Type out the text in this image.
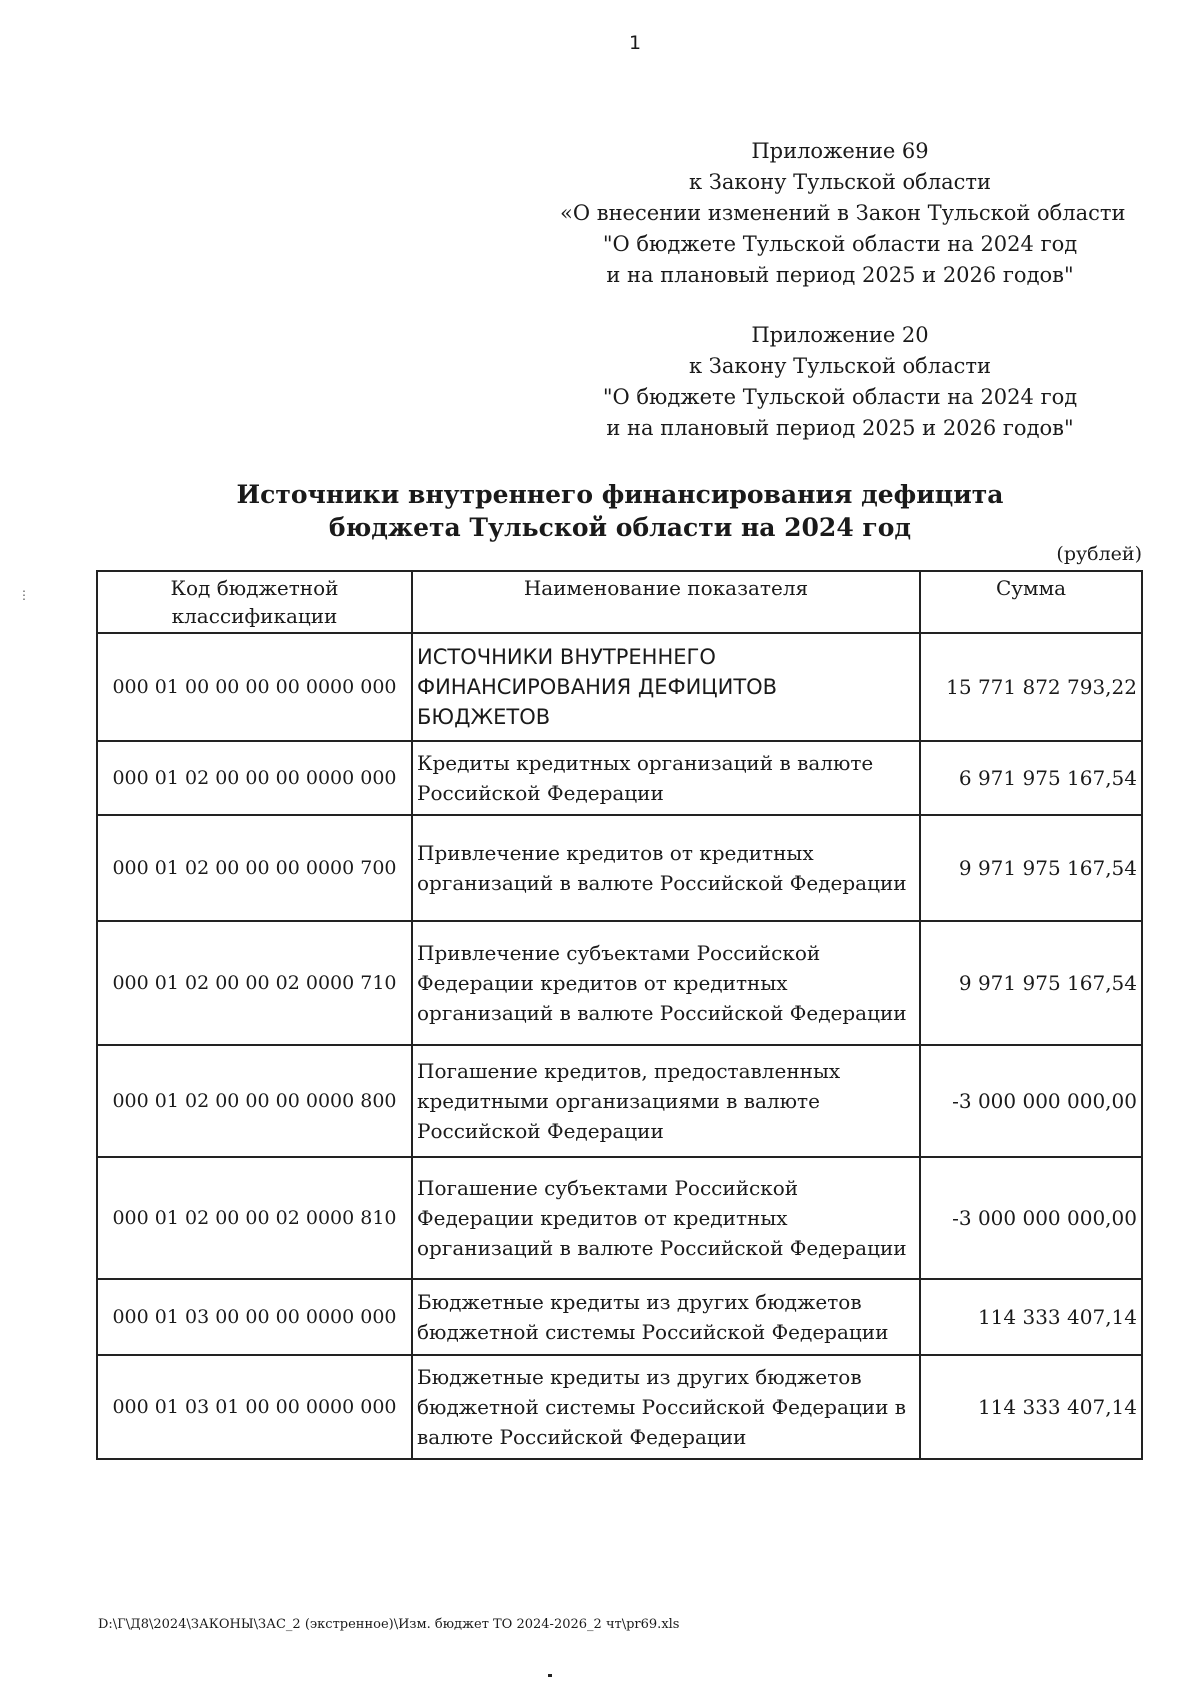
1
Приложение 69
к Закону Тульской области
«О внесении изменений в Закон Тульской области
"О бюджете Тульской области на 2024 год
и на плановый период 2025 и 2026 годов"
Приложение 20
к Закону Тульской области
"О бюджете Тульской области на 2024 год
и на плановый период 2025 и 2026 годов"
Источники внутреннего финансирования дефицита
бюджета Тульской области на 2024 год
(рублей)
⋮	Код бюджетной классификации	Наименование показателя	Сумма
000 01 00 00 00 00 0000 000	ИСТОЧНИКИ ВНУТРЕННЕГО ФИНАНСИРОВАНИЯ ДЕФИЦИТОВ БЮДЖЕТОВ	15 771 872 793,22
000 01 02 00 00 00 0000 000	Кредиты кредитных организаций в валюте Российской Федерации	6 971 975 167,54
000 01 02 00 00 00 0000 700	Привлечение кредитов от кредитных организаций в валюте Российской Федерации	9 971 975 167,54
000 01 02 00 00 02 0000 710	Привлечение субъектами Российской Федерации кредитов от кредитных организаций в валюте Российской Федерации	9 971 975 167,54
000 01 02 00 00 00 0000 800	Погашение кредитов, предоставленных кредитными организациями в валюте Российской Федерации	-3 000 000 000,00
000 01 02 00 00 02 0000 810	Погашение субъектами Российской Федерации кредитов от кредитных организаций в валюте Российской Федерации	-3 000 000 000,00
000 01 03 00 00 00 0000 000	Бюджетные кредиты из других бюджетов бюджетной системы Российской Федерации	114 333 407,14
000 01 03 01 00 00 0000 000	Бюджетные кредиты из других бюджетов бюджетной системы Российской Федерации в валюте Российской Федерации	114 333 407,14
D:\Г\Д8\2024\ЗАКОНЫ\ЗАС_2 (экстренное)\Изм. бюджет ТО 2024-2026_2 чт\pr69.xls
